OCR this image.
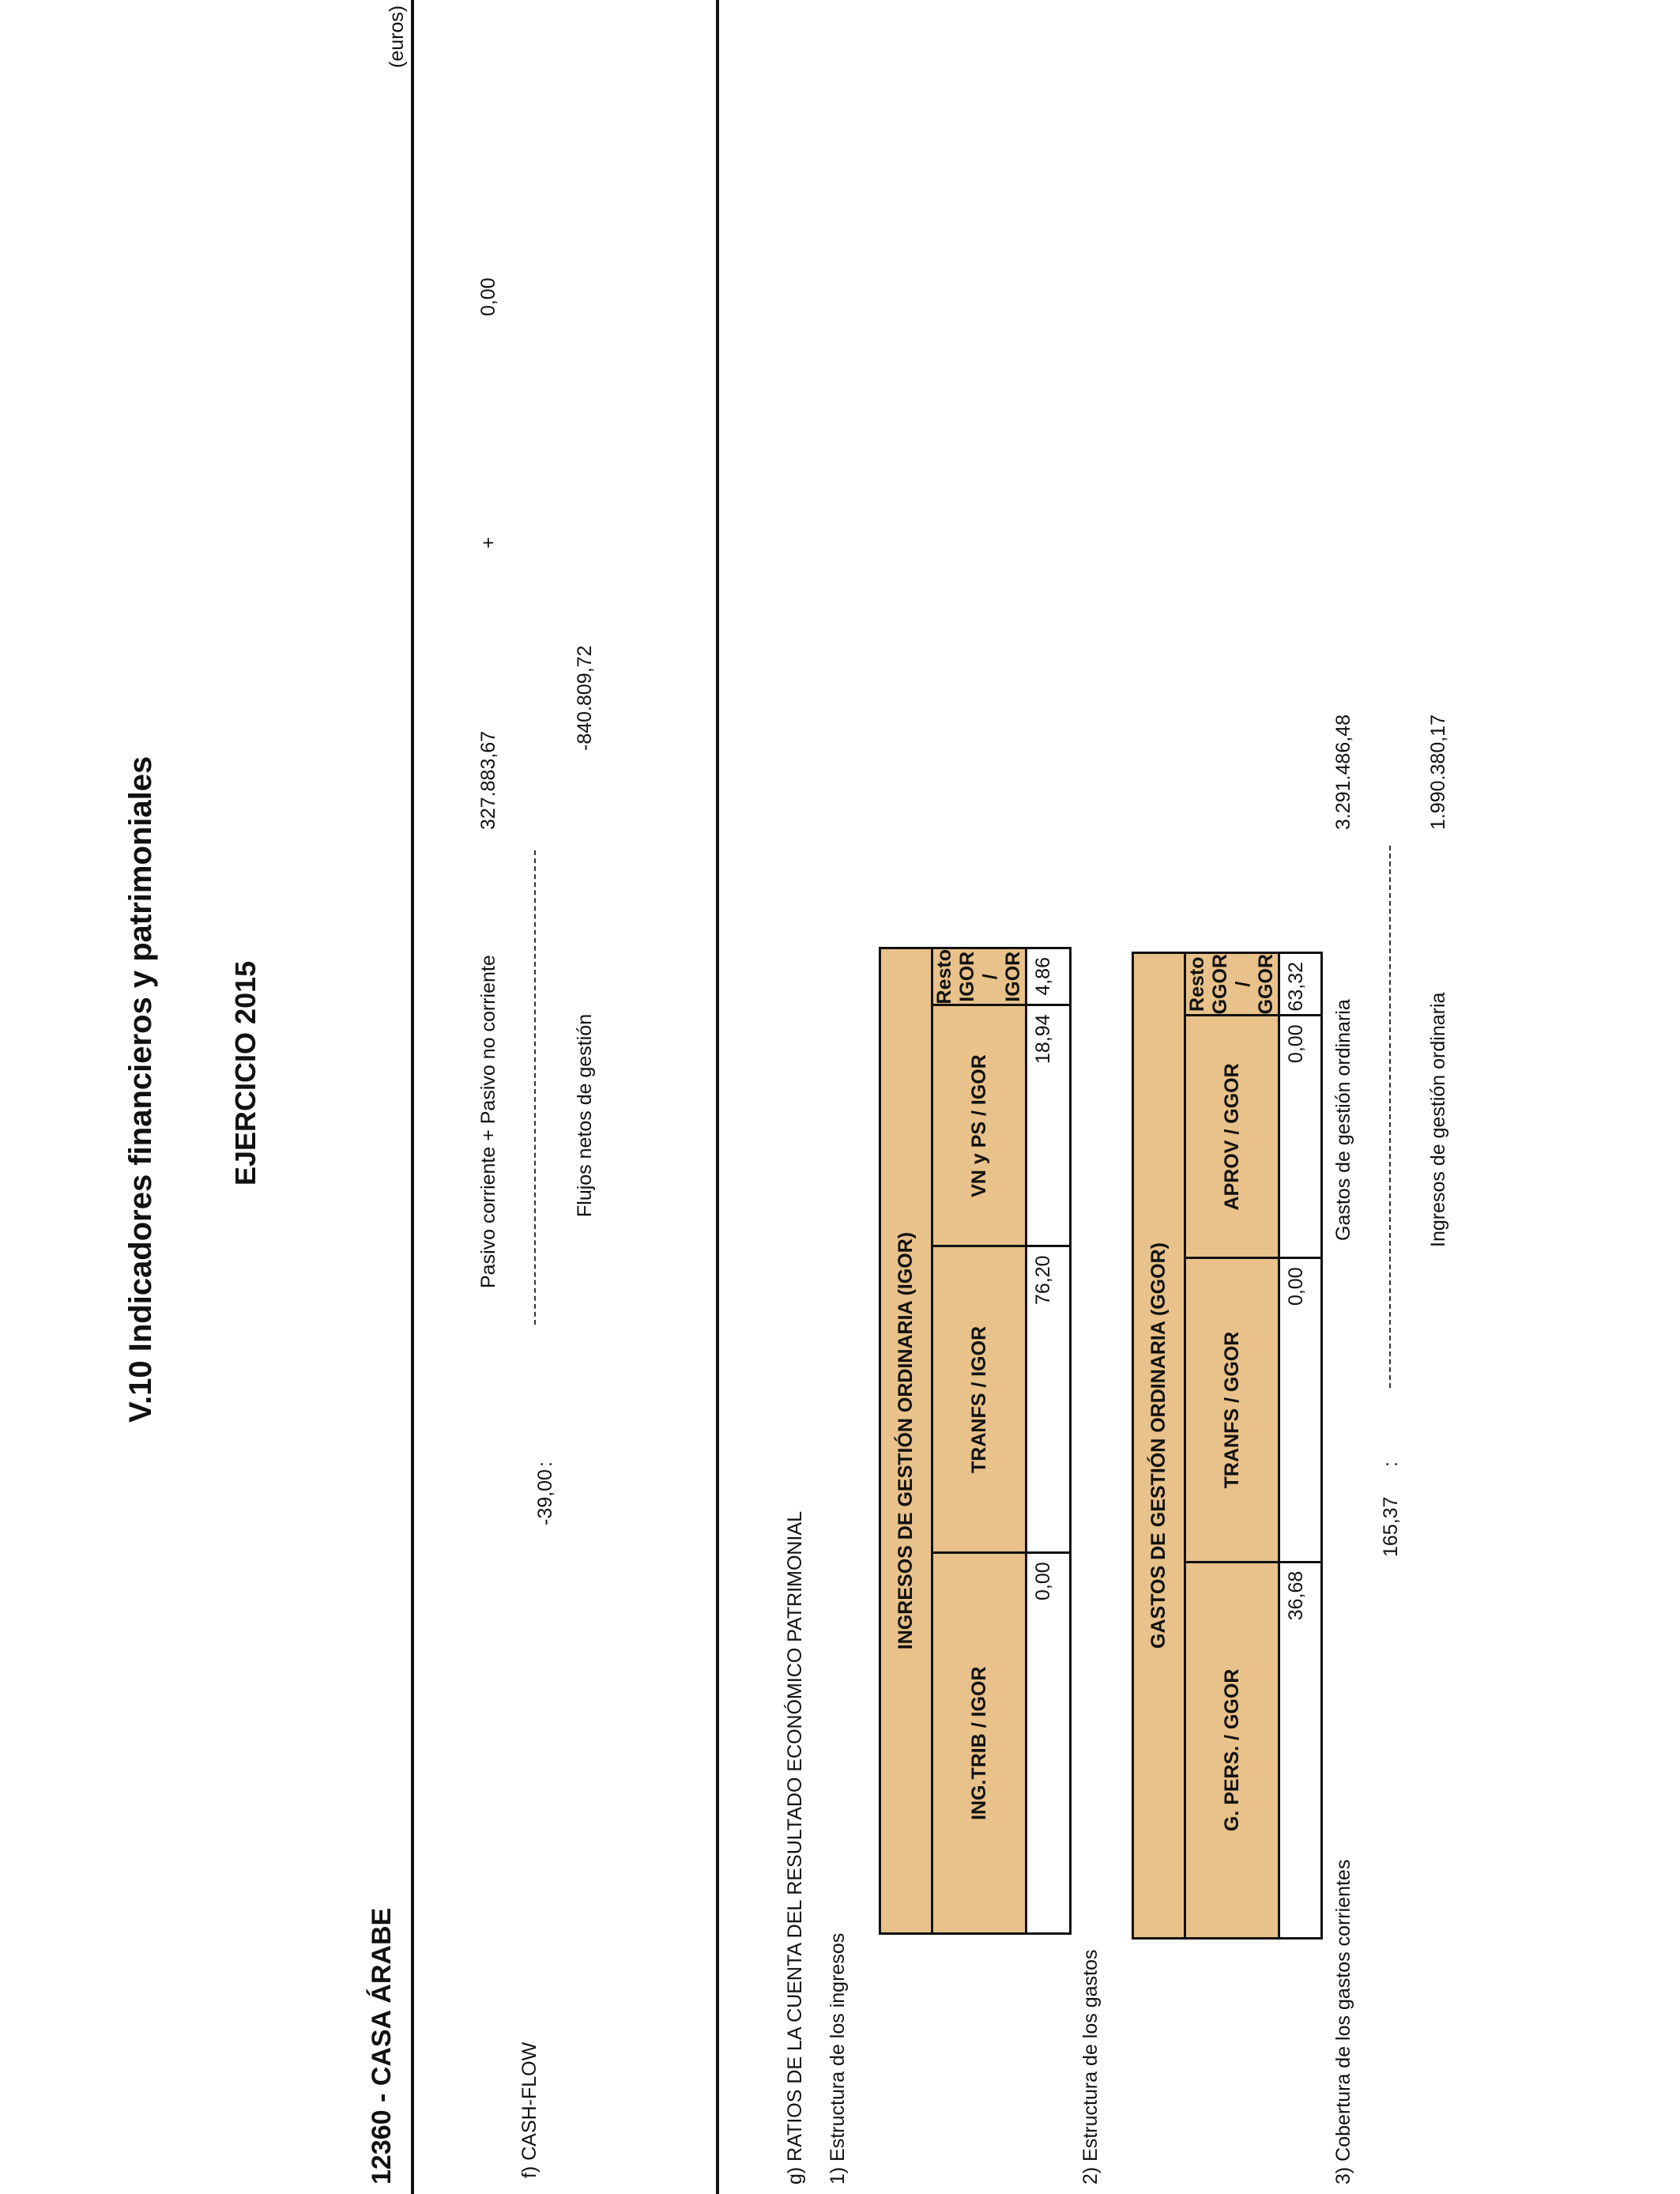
V.10 Indicadores financieros y patrimoniales	EJERCICIO 2015
12360 - CASA ÁRABE
(euros)
f) CASH-FLOW
-39,00
:
Pasivo corriente + Pasivo no corriente
327.883,67
+
0,00
Flujos netos de gestión
-840.809,72
g) RATIOS DE LA CUENTA DEL RESULTADO ECONÓMICO PATRIMONIAL 1) Estructura de los ingresos
INGRESOS DE GESTIÓN ORDINARIA (IGOR)			
ING.TRIB / IGOR	TRANFS / IGOR	VN y PS / IGOR	Resto IGOR / IGOR
0,00	76,20	18,94	4,86
2) Estructura de los gastos
GASTOS DE GESTIÓN ORDINARIA (GGOR)			
G. PERS. / GGOR	TRANFS / GGOR	APROV / GGOR	Resto GGOR / GGOR
36,68	0,00	0,00	63,32
3) Cobertura de los gastos corrientes
165,37
:
Gastos de gestión ordinaria
3.291.486,48
Ingresos de gestión ordinaria
1.990.380,17
